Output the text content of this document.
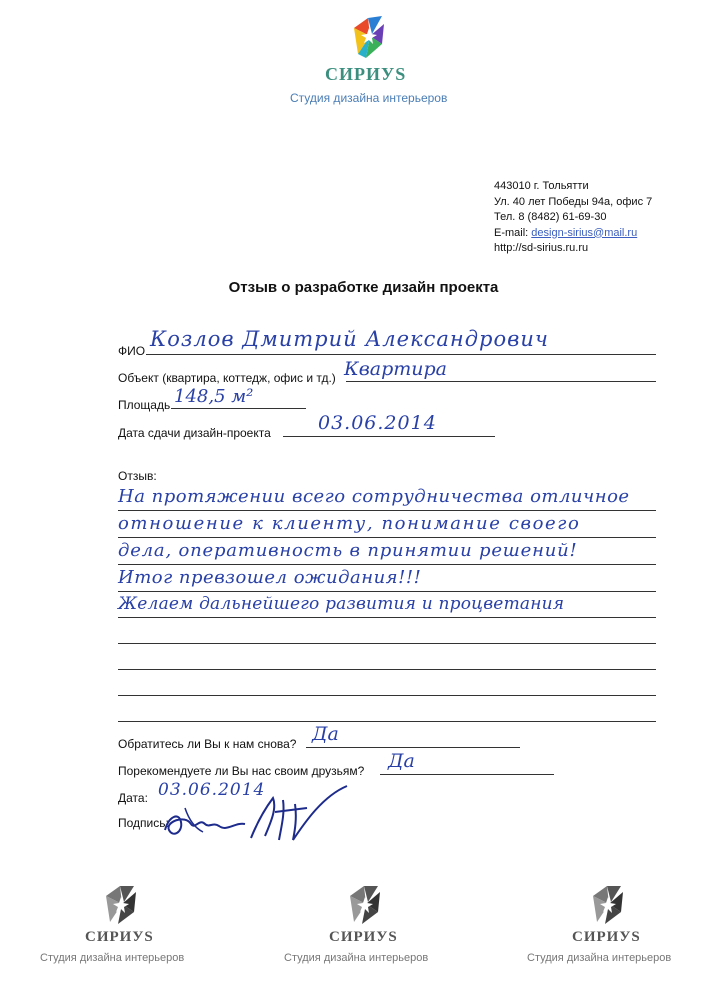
СИРИУS
Студия дизайна интерьеров
443010 г. Тольятти
Ул. 40 лет Победы 94а, офис 7
Тел. 8 (8482) 61-69-30
E-mail: design-sirius@mail.ru
http://sd-sirius.ru.ru
Отзыв о разработке дизайн проекта
ФИО Козлов Дмитрий Александрович
Объект (квартира, коттедж, офис и тд.) Квартира
Площадь 148,5 м²
Дата сдачи дизайн-проекта 03.06.2014
Отзыв:
На протяжении всего сотрудничества отличное
отношение к клиенту, понимание своего
дела, оперативность в принятии решений!
Итог превзошел ожидания!!!
Желаем дальнейшего развития и процветания
Обратитесь ли Вы к нам снова? Да
Порекомендуете ли Вы нас своим друзьям? Да
Дата: 03.06.2014
Подпись:
СИРИУS
Студия дизайна интерьеров
СИРИУS
Студия дизайна интерьеров
СИРИУS
Студия дизайна интерьеров
